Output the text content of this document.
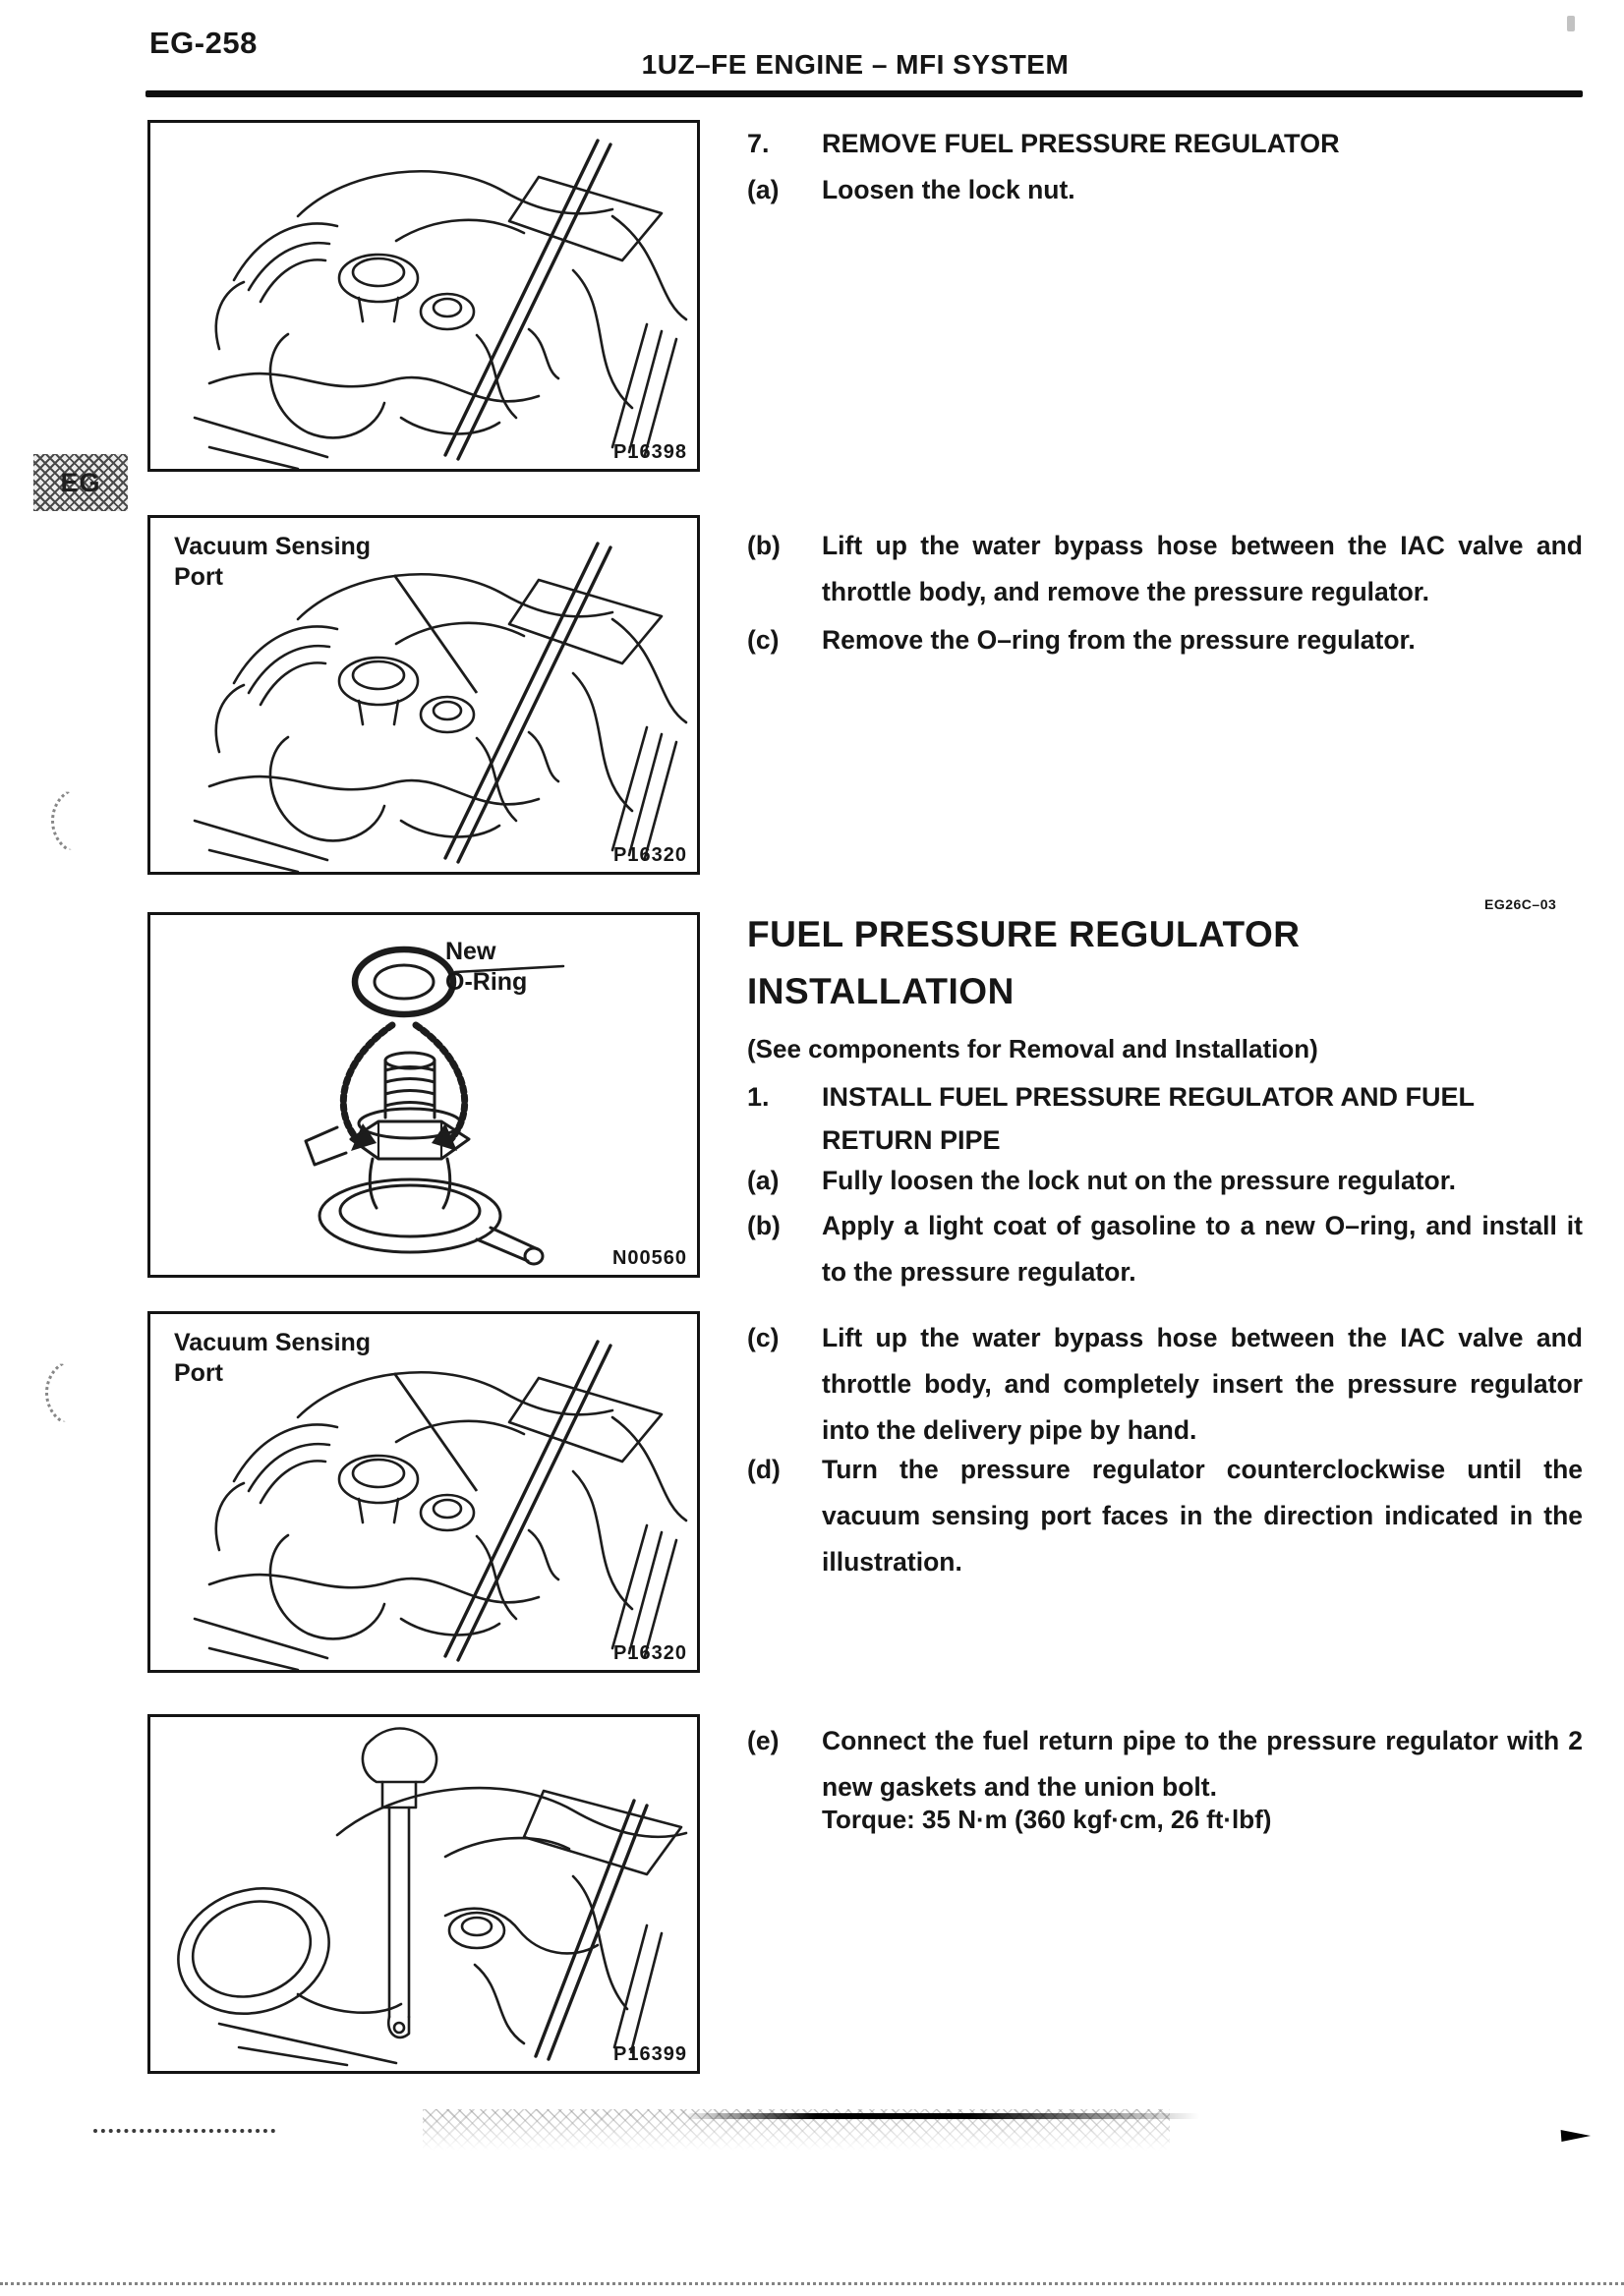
EG-258
1UZ–FE ENGINE – MFI SYSTEM
EG
P16398
Vacuum Sensing Port
P16320
New
O-Ring
N00560
Vacuum Sensing Port
P16320
P16399
7.	REMOVE FUEL PRESSURE REGULATOR
(a)	Loosen the lock nut.
(b)	Lift up the water bypass hose between the IAC valve and throttle body, and remove the pressure regulator.
(c)	Remove the O–ring from the pressure regulator.
EG26C–03
FUEL PRESSURE REGULATOR
INSTALLATION
(See components for Removal and Installation)
1.	INSTALL FUEL PRESSURE REGULATOR AND FUEL RETURN PIPE
(a)	Fully loosen the lock nut on the pressure regulator.
(b)	Apply a light coat of gasoline to a new O–ring, and install it to the pressure regulator.
(c)	Lift up the water bypass hose between the IAC valve and throttle body, and completely insert the pressure regulator into the delivery pipe by hand.
(d)	Turn the pressure regulator counterclockwise until the vacuum sensing port faces in the direction indicated in the illustration.
(e)	Connect the fuel return pipe to the pressure regulator with 2 new gaskets and the union bolt.
Torque: 35 N·m (360 kgf·cm, 26 ft·lbf)
